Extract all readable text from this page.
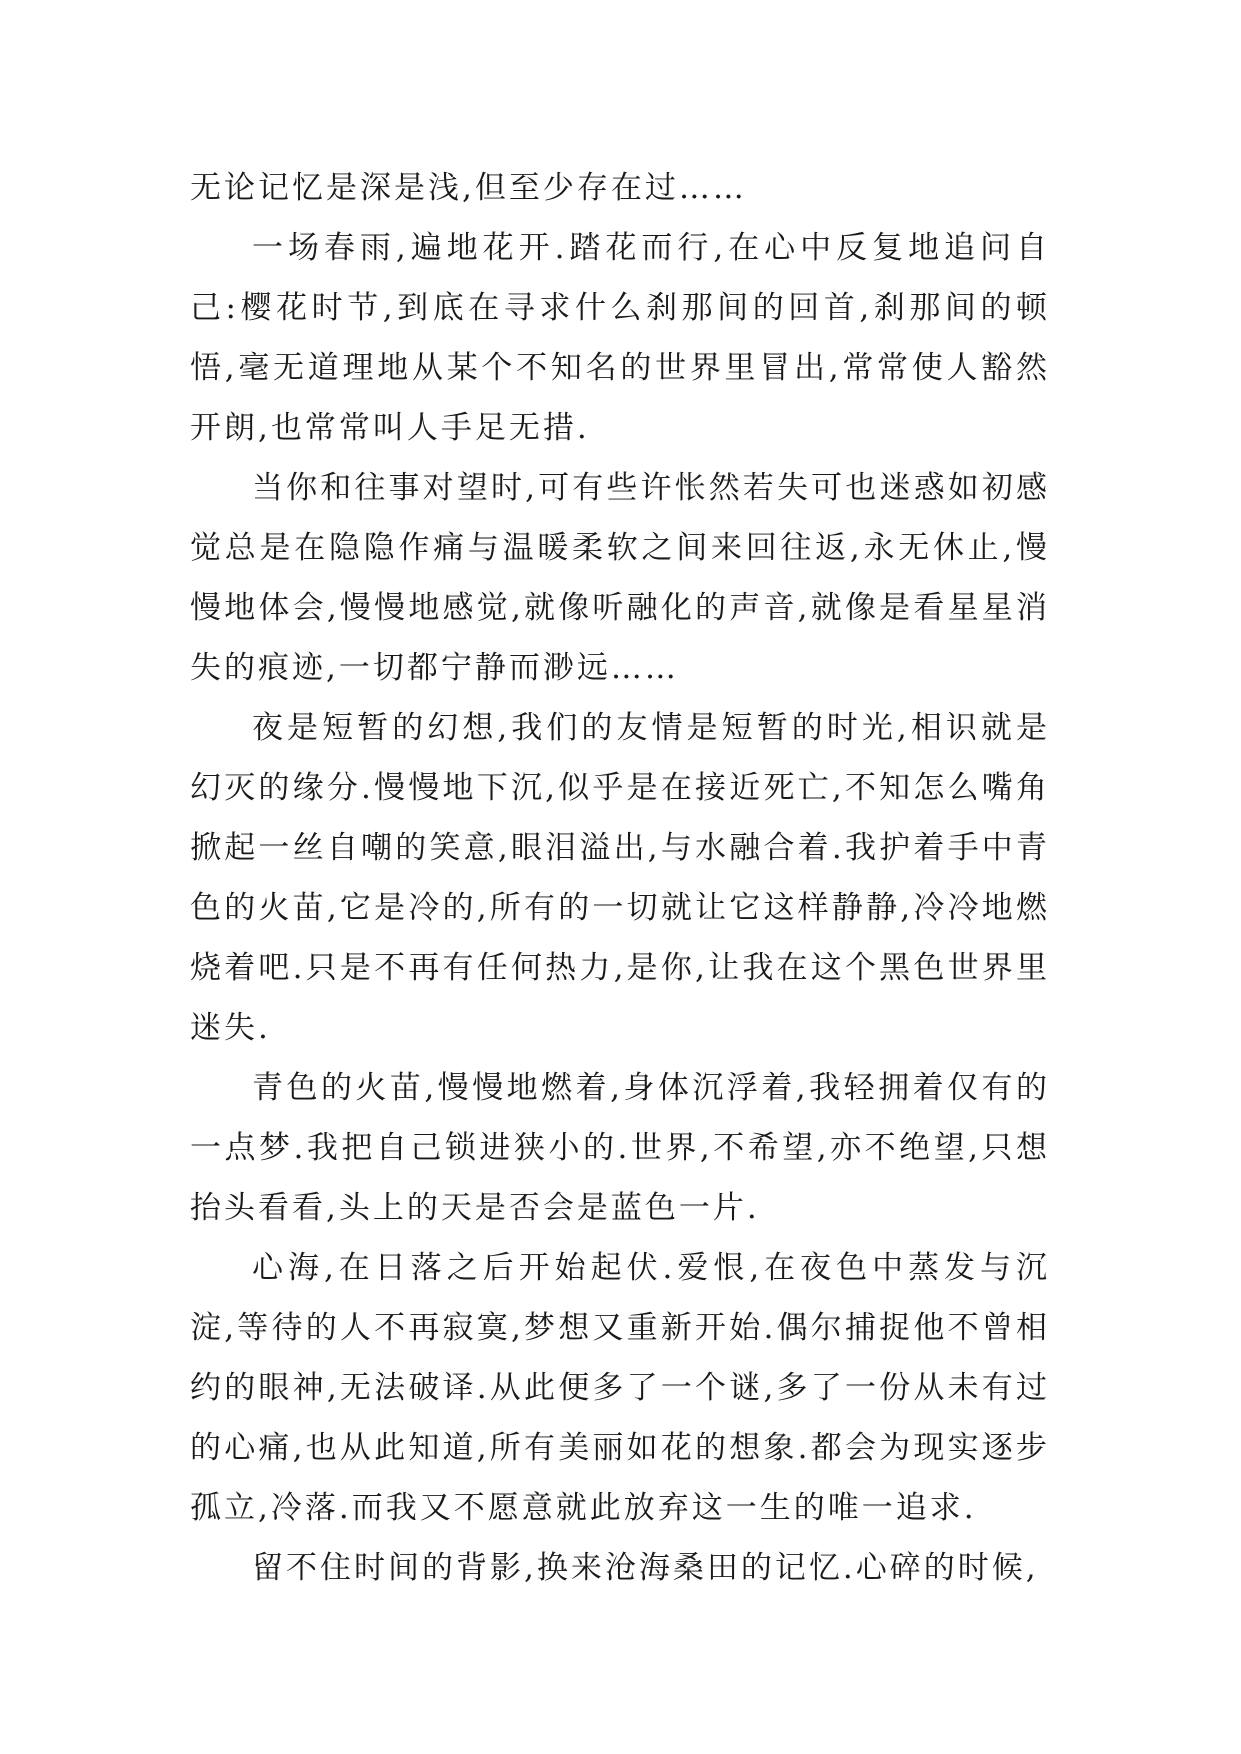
无论记忆是深是浅,但至少存在过……

一场春雨,遍地花开.踏花而行,在心中反复地追问自己:樱花时节,到底在寻求什么刹那间的回首,刹那间的顿悟,毫无道理地从某个不知名的世界里冒出,常常使人豁然开朗,也常常叫人手足无措.

当你和往事对望时,可有些许怅然若失可也迷惑如初感觉总是在隐隐作痛与温暖柔软之间来回往返,永无休止,慢慢地体会,慢慢地感觉,就像听融化的声音,就像是看星星消失的痕迹,一切都宁静而渺远……

夜是短暂的幻想,我们的友情是短暂的时光,相识就是幻灭的缘分.慢慢地下沉,似乎是在接近死亡,不知怎么嘴角掀起一丝自嘲的笑意,眼泪溢出,与水融合着.我护着手中青色的火苗,它是冷的,所有的一切就让它这样静静,冷冷地燃烧着吧.只是不再有任何热力,是你,让我在这个黑色世界里迷失.

青色的火苗,慢慢地燃着,身体沉浮着,我轻拥着仅有的一点梦.我把自己锁进狭小的.世界,不希望,亦不绝望,只想抬头看看,头上的天是否会是蓝色一片.

心海,在日落之后开始起伏.爱恨,在夜色中蒸发与沉淀,等待的人不再寂寞,梦想又重新开始.偶尔捕捉他不曾相约的眼神,无法破译.从此便多了一个谜,多了一份从未有过的心痛,也从此知道,所有美丽如花的想象.都会为现实逐步孤立,冷落.而我又不愿意就此放弃这一生的唯一追求.

留不住时间的背影,换来沧海桑田的记忆.心碎的时候,
